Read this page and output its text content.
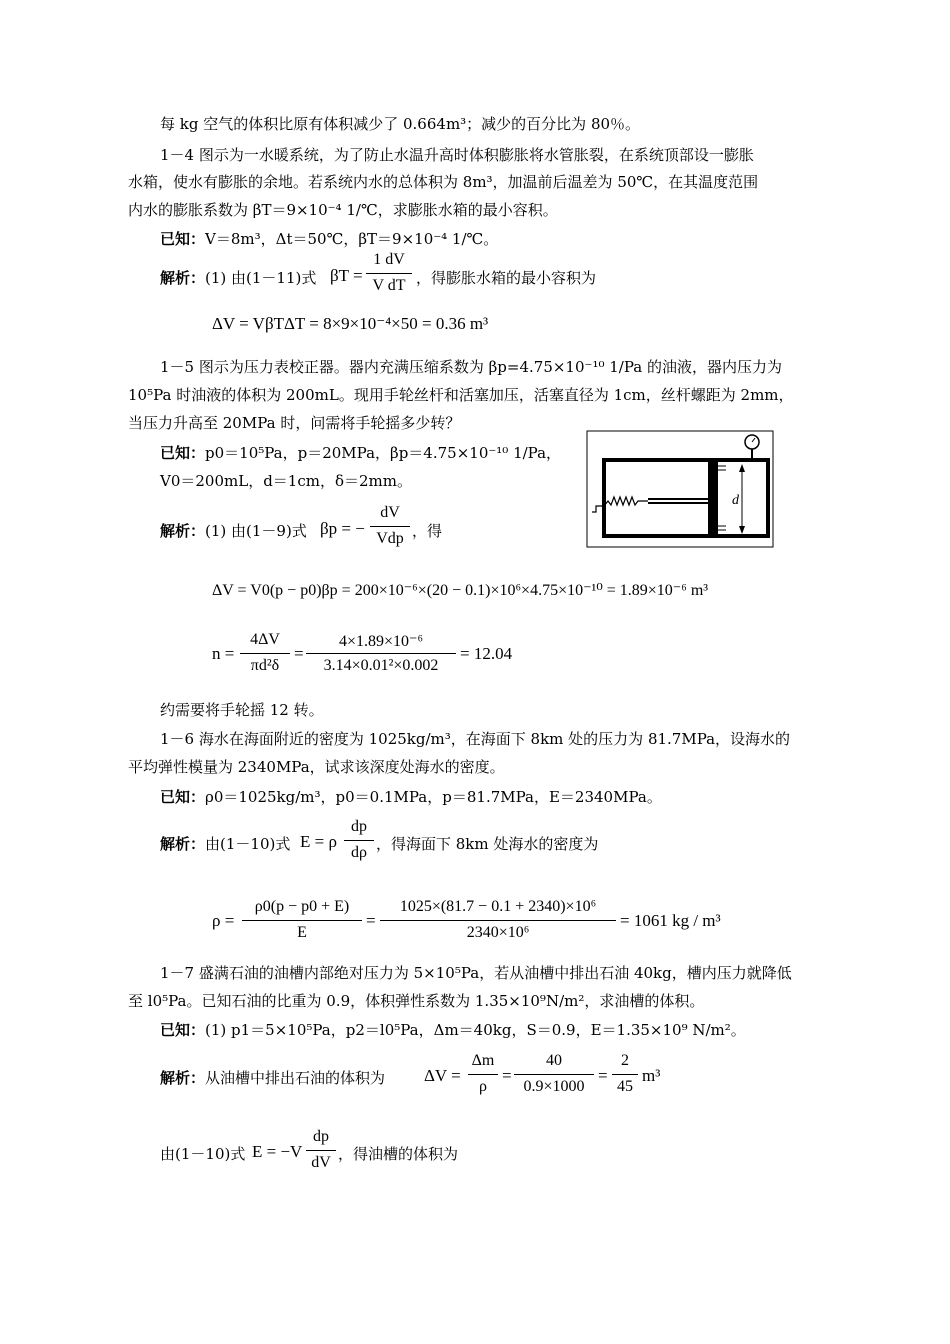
每 kg 空气的体积比原有体积减少了 0.664m³；减少的百分比为 80％。
1－4 图示为一水暖系统，为了防止水温升高时体积膨胀将水管胀裂，在系统顶部设一膨胀
水箱，使水有膨胀的余地。若系统内水的总体积为 8m³，加温前后温差为 50℃，在其温度范围
内水的膨胀系数为 βT＝9×10⁻⁴ 1/℃，求膨胀水箱的最小容积。
已知：V＝8m³，Δt＝50℃，βT＝9×10⁻⁴ 1/℃。
解析：(1) 由(1－11)式 βT =
1 dV
V dT ，得膨胀水箱的最小容积为
ΔV = VβTΔT = 8×9×10⁻⁴×50 = 0.36 m³
1－5 图示为压力表校正器。器内充满压缩系数为 βp=4.75×10⁻¹⁰ 1/Pa 的油液，器内压力为
10⁵Pa 时油液的体积为 200mL。现用手轮丝杆和活塞加压，活塞直径为 1cm，丝杆螺距为 2mm，
当压力升高至 20MPa 时，问需将手轮摇多少转？
已知：p0＝10⁵Pa，p＝20MPa，βp＝4.75×10⁻¹⁰ 1/Pa，
V0＝200mL，d＝1cm，δ＝2mm。
解析：(1) 由(1－9)式 βp = −
dV
Vdp ，得
d
ΔV = V0(p − p0)βp = 200×10⁻⁶×(20 − 0.1)×10⁶×4.75×10⁻¹⁰ = 1.89×10⁻⁶ m³
n =
4ΔV
πd²δ
=
4×1.89×10⁻⁶
3.14×0.01²×0.002
= 12.04
约需要将手轮摇 12 转。
1－6 海水在海面附近的密度为 1025kg/m³，在海面下 8km 处的压力为 81.7MPa，设海水的
平均弹性模量为 2340MPa，试求该深度处海水的密度。
已知：ρ0＝1025kg/m³，p0＝0.1MPa，p＝81.7MPa，E＝2340MPa。
解析：由(1－10)式 E = ρ
dp
dρ ，得海面下 8km 处海水的密度为
ρ =
ρ0(p − p0 + E)
E
=
1025×(81.7 − 0.1 + 2340)×10⁶
2340×10⁶
= 1061 kg / m³
1－7 盛满石油的油槽内部绝对压力为 5×10⁵Pa，若从油槽中排出石油 40kg，槽内压力就降低
至 l0⁵Pa。已知石油的比重为 0.9，体积弹性系数为 1.35×10⁹N/m²，求油槽的体积。
已知：(1) p1＝5×10⁵Pa，p2＝l0⁵Pa，Δm＝40kg，S＝0.9，E＝1.35×10⁹ N/m²。
解析：从油槽中排出石油的体积为 ΔV =
Δm
ρ
=
40
0.9×1000
=
2
45
m³
由(1－10)式 E = −V
dp
dV ，得油槽的体积为
